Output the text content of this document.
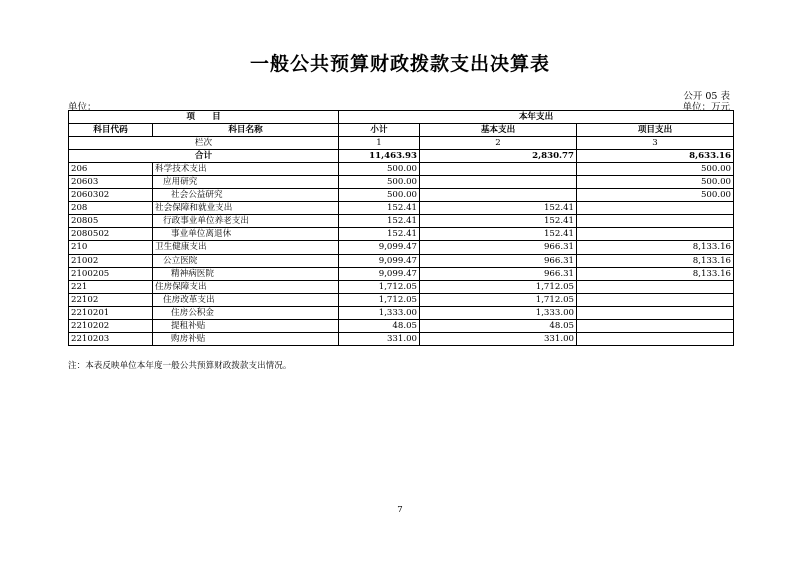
一般公共预算财政拨款支出决算表
公开 05 表
单位：	单位：万元
项　　目		本年支出		
科目代码	科目名称	小计	基本支出	项目支出
栏次		1	2	3
合计		11,463.93	2,830.77	8,633.16
206	科学技术支出	500.00		500.00
20603	应用研究	500.00		500.00
2060302	社会公益研究	500.00		500.00
208	社会保障和就业支出	152.41	152.41	
20805	行政事业单位养老支出	152.41	152.41	
2080502	事业单位离退休	152.41	152.41	
210	卫生健康支出	9,099.47	966.31	8,133.16
21002	公立医院	9,099.47	966.31	8,133.16
2100205	精神病医院	9,099.47	966.31	8,133.16
221	住房保障支出	1,712.05	1,712.05	
22102	住房改革支出	1,712.05	1,712.05	
2210201	住房公积金	1,333.00	1,333.00	
2210202	提租补贴	48.05	48.05	
2210203	购房补贴	331.00	331.00	
注：本表反映单位本年度一般公共预算财政拨款支出情况。
7
